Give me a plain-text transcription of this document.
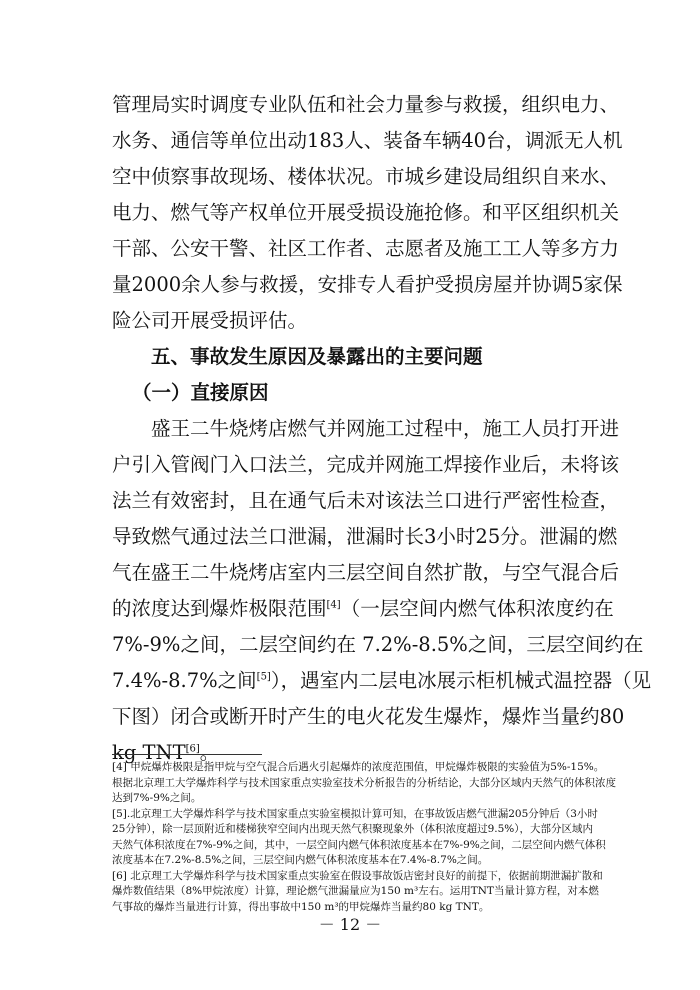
管理局实时调度专业队伍和社会力量参与救援，组织电力、
水务、通信等单位出动183人、装备车辆40台，调派无人机
空中侦察事故现场、楼体状况。市城乡建设局组织自来水、
电力、燃气等产权单位开展受损设施抢修。和平区组织机关
干部、公安干警、社区工作者、志愿者及施工工人等多方力
量2000余人参与救援，安排专人看护受损房屋并协调5家保
险公司开展受损评估。
五、事故发生原因及暴露出的主要问题
（一）直接原因
盛王二牛烧烤店燃气并网施工过程中，施工人员打开进
户引入管阀门入口法兰，完成并网施工焊接作业后，未将该
法兰有效密封，且在通气后未对该法兰口进行严密性检查，
导致燃气通过法兰口泄漏，泄漏时长3小时25分。泄漏的燃
气在盛王二牛烧烤店室内三层空间自然扩散，与空气混合后
的浓度达到爆炸极限范围[4]（一层空间内燃气体积浓度约在
7%-9%之间，二层空间约在 7.2%-8.5%之间，三层空间约在
7.4%-8.7%之间[5]），遇室内二层电冰展示柜机械式温控器（见
下图）闭合或断开时产生的电火花发生爆炸，爆炸当量约80
kg TNT[6]。
[4] 甲烷爆炸极限是指甲烷与空气混合后遇火引起爆炸的浓度范围值，甲烷爆炸极限的实验值为5%-15%。
根据北京理工大学爆炸科学与技术国家重点实验室技术分析报告的分析结论，大部分区域内天然气的体积浓度
达到7%-9%之间。
[5].北京理工大学爆炸科学与技术国家重点实验室模拟计算可知，在事故饭店燃气泄漏205分钟后（3小时
25分钟），除一层顶附近和楼梯狭窄空间内出现天然气积聚现象外（体积浓度超过9.5%），大部分区域内
天然气体积浓度在7%-9%之间，其中，一层空间内燃气体积浓度基本在7%-9%之间，二层空间内燃气体积
浓度基本在7.2%-8.5%之间，三层空间内燃气体积浓度基本在7.4%-8.7%之间。
[6] 北京理工大学爆炸科学与技术国家重点实验室在假设事故饭店密封良好的前提下，依据前期泄漏扩散和
爆炸数值结果（8%甲烷浓度）计算，理论燃气泄漏量应为150 m³左右。运用TNT当量计算方程，对本燃
气事故的爆炸当量进行计算，得出事故中150 m³的甲烷爆炸当量约80 kg TNT。
－ 12 －
